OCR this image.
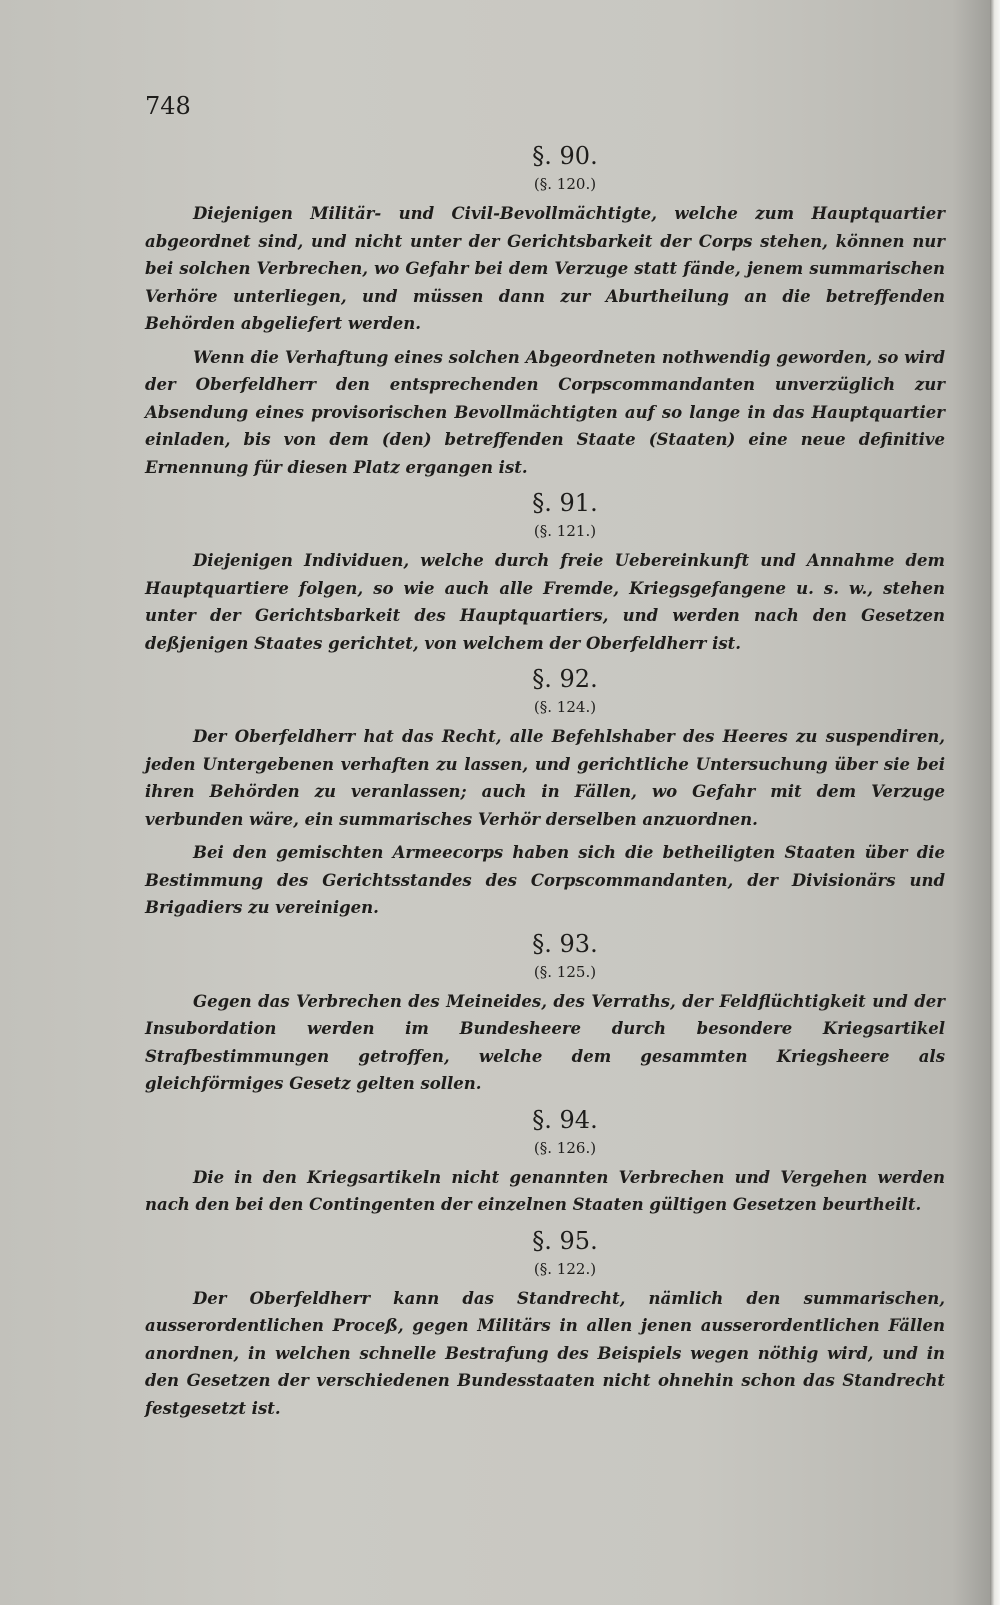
748

§. 90.

(§. 120.)

Diejenigen Militär- und Civil-Bevollmächtigte, welche zum Hauptquartier abgeordnet sind, und nicht unter der Gerichtsbarkeit der Corps stehen, können nur bei solchen Verbrechen, wo Gefahr bei dem Verzuge statt fände, jenem summarischen Verhöre unterliegen, und müssen dann zur Aburtheilung an die betreffenden Behörden abgeliefert werden.

Wenn die Verhaftung eines solchen Abgeordneten nothwendig geworden, so wird der Oberfeldherr den entsprechenden Corpscommandanten unverzüglich zur Absendung eines provisorischen Bevollmächtigten auf so lange in das Hauptquartier einladen, bis von dem (den) betreffenden Staate (Staaten) eine neue definitive Ernennung für diesen Platz ergangen ist.

§. 91.

(§. 121.)

Diejenigen Individuen, welche durch freie Uebereinkunft und Annahme dem Hauptquartiere folgen, so wie auch alle Fremde, Kriegsgefangene u. s. w., stehen unter der Gerichtsbarkeit des Hauptquartiers, und werden nach den Gesetzen deßjenigen Staates gerichtet, von welchem der Oberfeldherr ist.

§. 92.

(§. 124.)

Der Oberfeldherr hat das Recht, alle Befehlshaber des Heeres zu suspendiren, jeden Untergebenen verhaften zu lassen, und gerichtliche Untersuchung über sie bei ihren Behörden zu veranlassen; auch in Fällen, wo Gefahr mit dem Verzuge verbunden wäre, ein summarisches Verhör derselben anzuordnen.

Bei den gemischten Armeecorps haben sich die betheiligten Staaten über die Bestimmung des Gerichtsstandes des Corpscommandanten, der Divisionärs und Brigadiers zu vereinigen.

§. 93.

(§. 125.)

Gegen das Verbrechen des Meineides, des Verraths, der Feldflüchtigkeit und der Insubordation werden im Bundesheere durch besondere Kriegsartikel Strafbestimmungen getroffen, welche dem gesammten Kriegsheere als gleichförmiges Gesetz gelten sollen.

§. 94.

(§. 126.)

Die in den Kriegsartikeln nicht genannten Verbrechen und Vergehen werden nach den bei den Contingenten der einzelnen Staaten gültigen Gesetzen beurtheilt.

§. 95.

(§. 122.)

Der Oberfeldherr kann das Standrecht, nämlich den summarischen, ausserordentlichen Proceß, gegen Militärs in allen jenen ausserordentlichen Fällen anordnen, in welchen schnelle Bestrafung des Beispiels wegen nöthig wird, und in den Gesetzen der verschiedenen Bundesstaaten nicht ohnehin schon das Standrecht festgesetzt ist.
